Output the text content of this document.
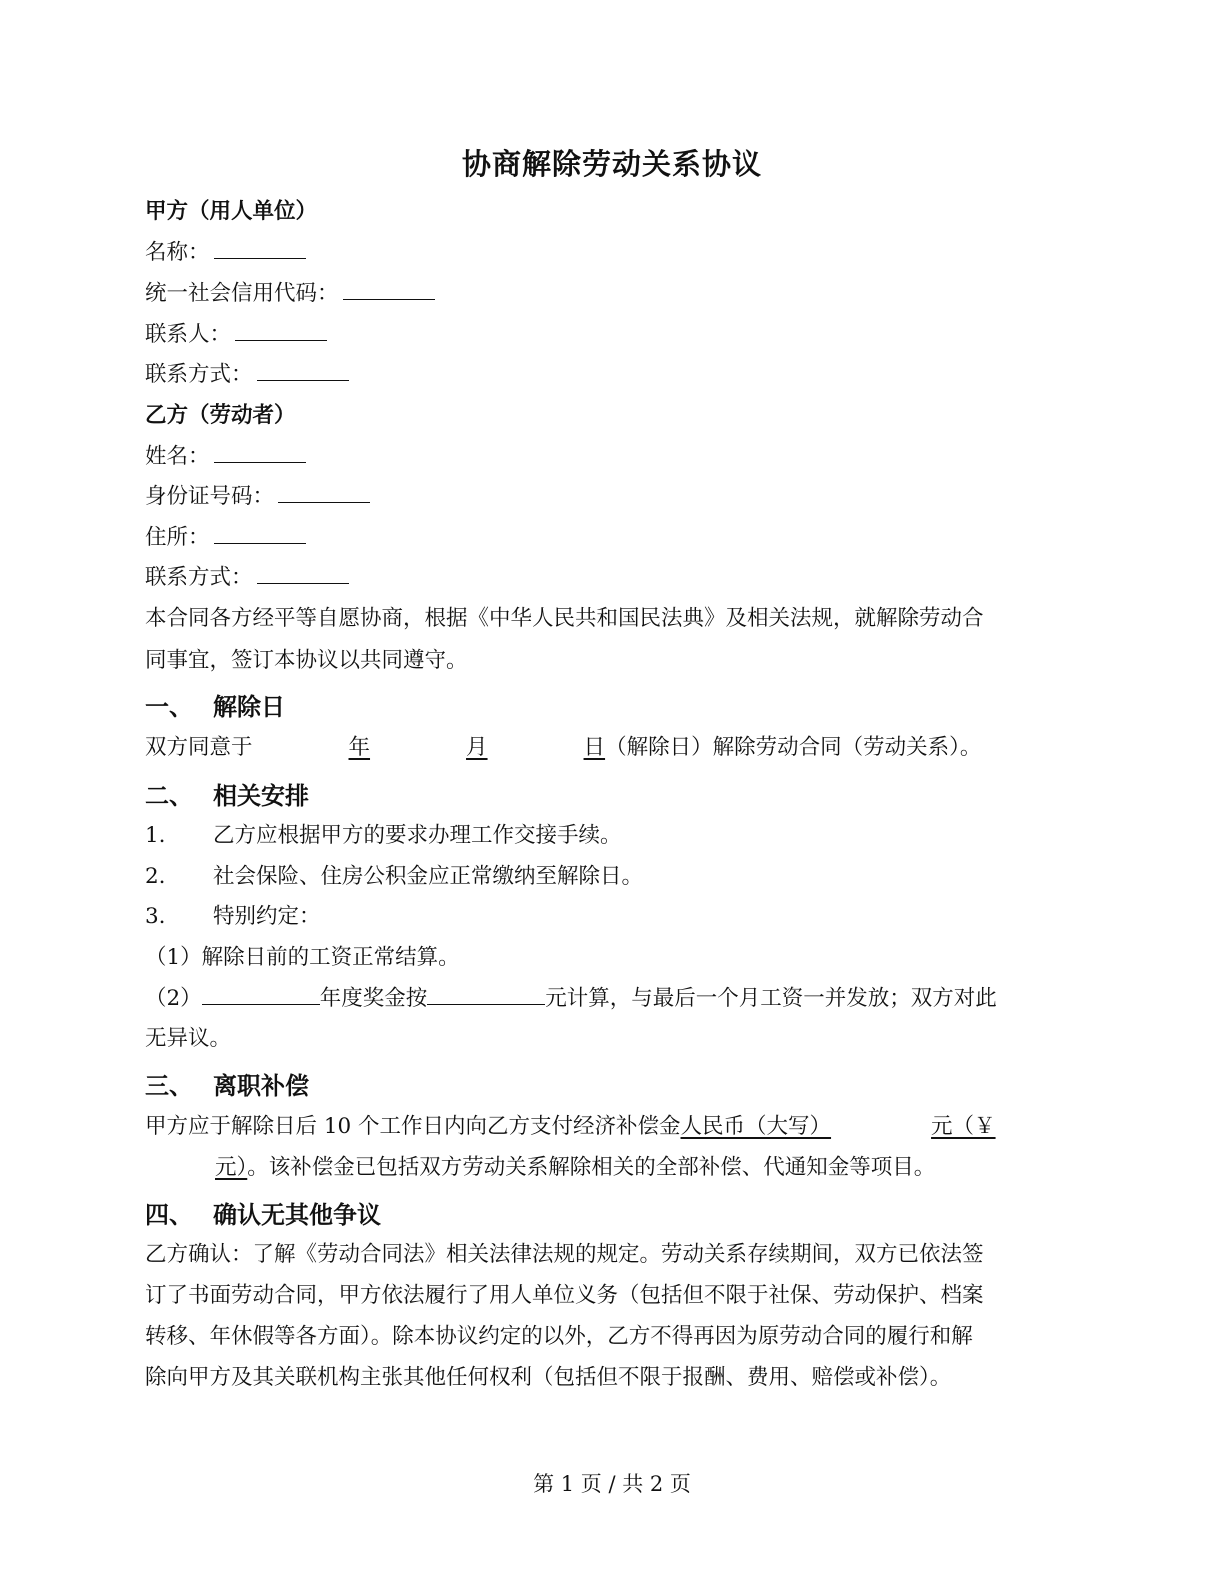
协商解除劳动关系协议
甲方（用人单位）
名称：
统一社会信用代码：
联系人：
联系方式：
乙方（劳动者）
姓名：
身份证号码：
住所：
联系方式：
本合同各方经平等自愿协商，根据《中华人民共和国民法典》及相关法规，就解除劳动合
同事宜，签订本协议以共同遵守。
一、 解除日
双方同意于	年	月	日（解除日）解除劳动合同（劳动关系）。
二、 相关安排
1. 乙方应根据甲方的要求办理工作交接手续。
2. 社会保险、住房公积金应正常缴纳至解除日。
3. 特别约定：
（1）解除日前的工资正常结算。
（2）	年度奖金按	元计算，与最后一个月工资一并发放；双方对此
无异议。
三、 离职补偿
甲方应于解除日后 10 个工作日内向乙方支付经济补偿金人民币（大写）	元（￥
元）。该补偿金已包括双方劳动关系解除相关的全部补偿、代通知金等项目。
四、 确认无其他争议
乙方确认：了解《劳动合同法》相关法律法规的规定。劳动关系存续期间，双方已依法签
订了书面劳动合同，甲方依法履行了用人单位义务（包括但不限于社保、劳动保护、档案
转移、年休假等各方面）。除本协议约定的以外，乙方不得再因为原劳动合同的履行和解
除向甲方及其关联机构主张其他任何权利（包括但不限于报酬、费用、赔偿或补偿）。
第 1 页 / 共 2 页
